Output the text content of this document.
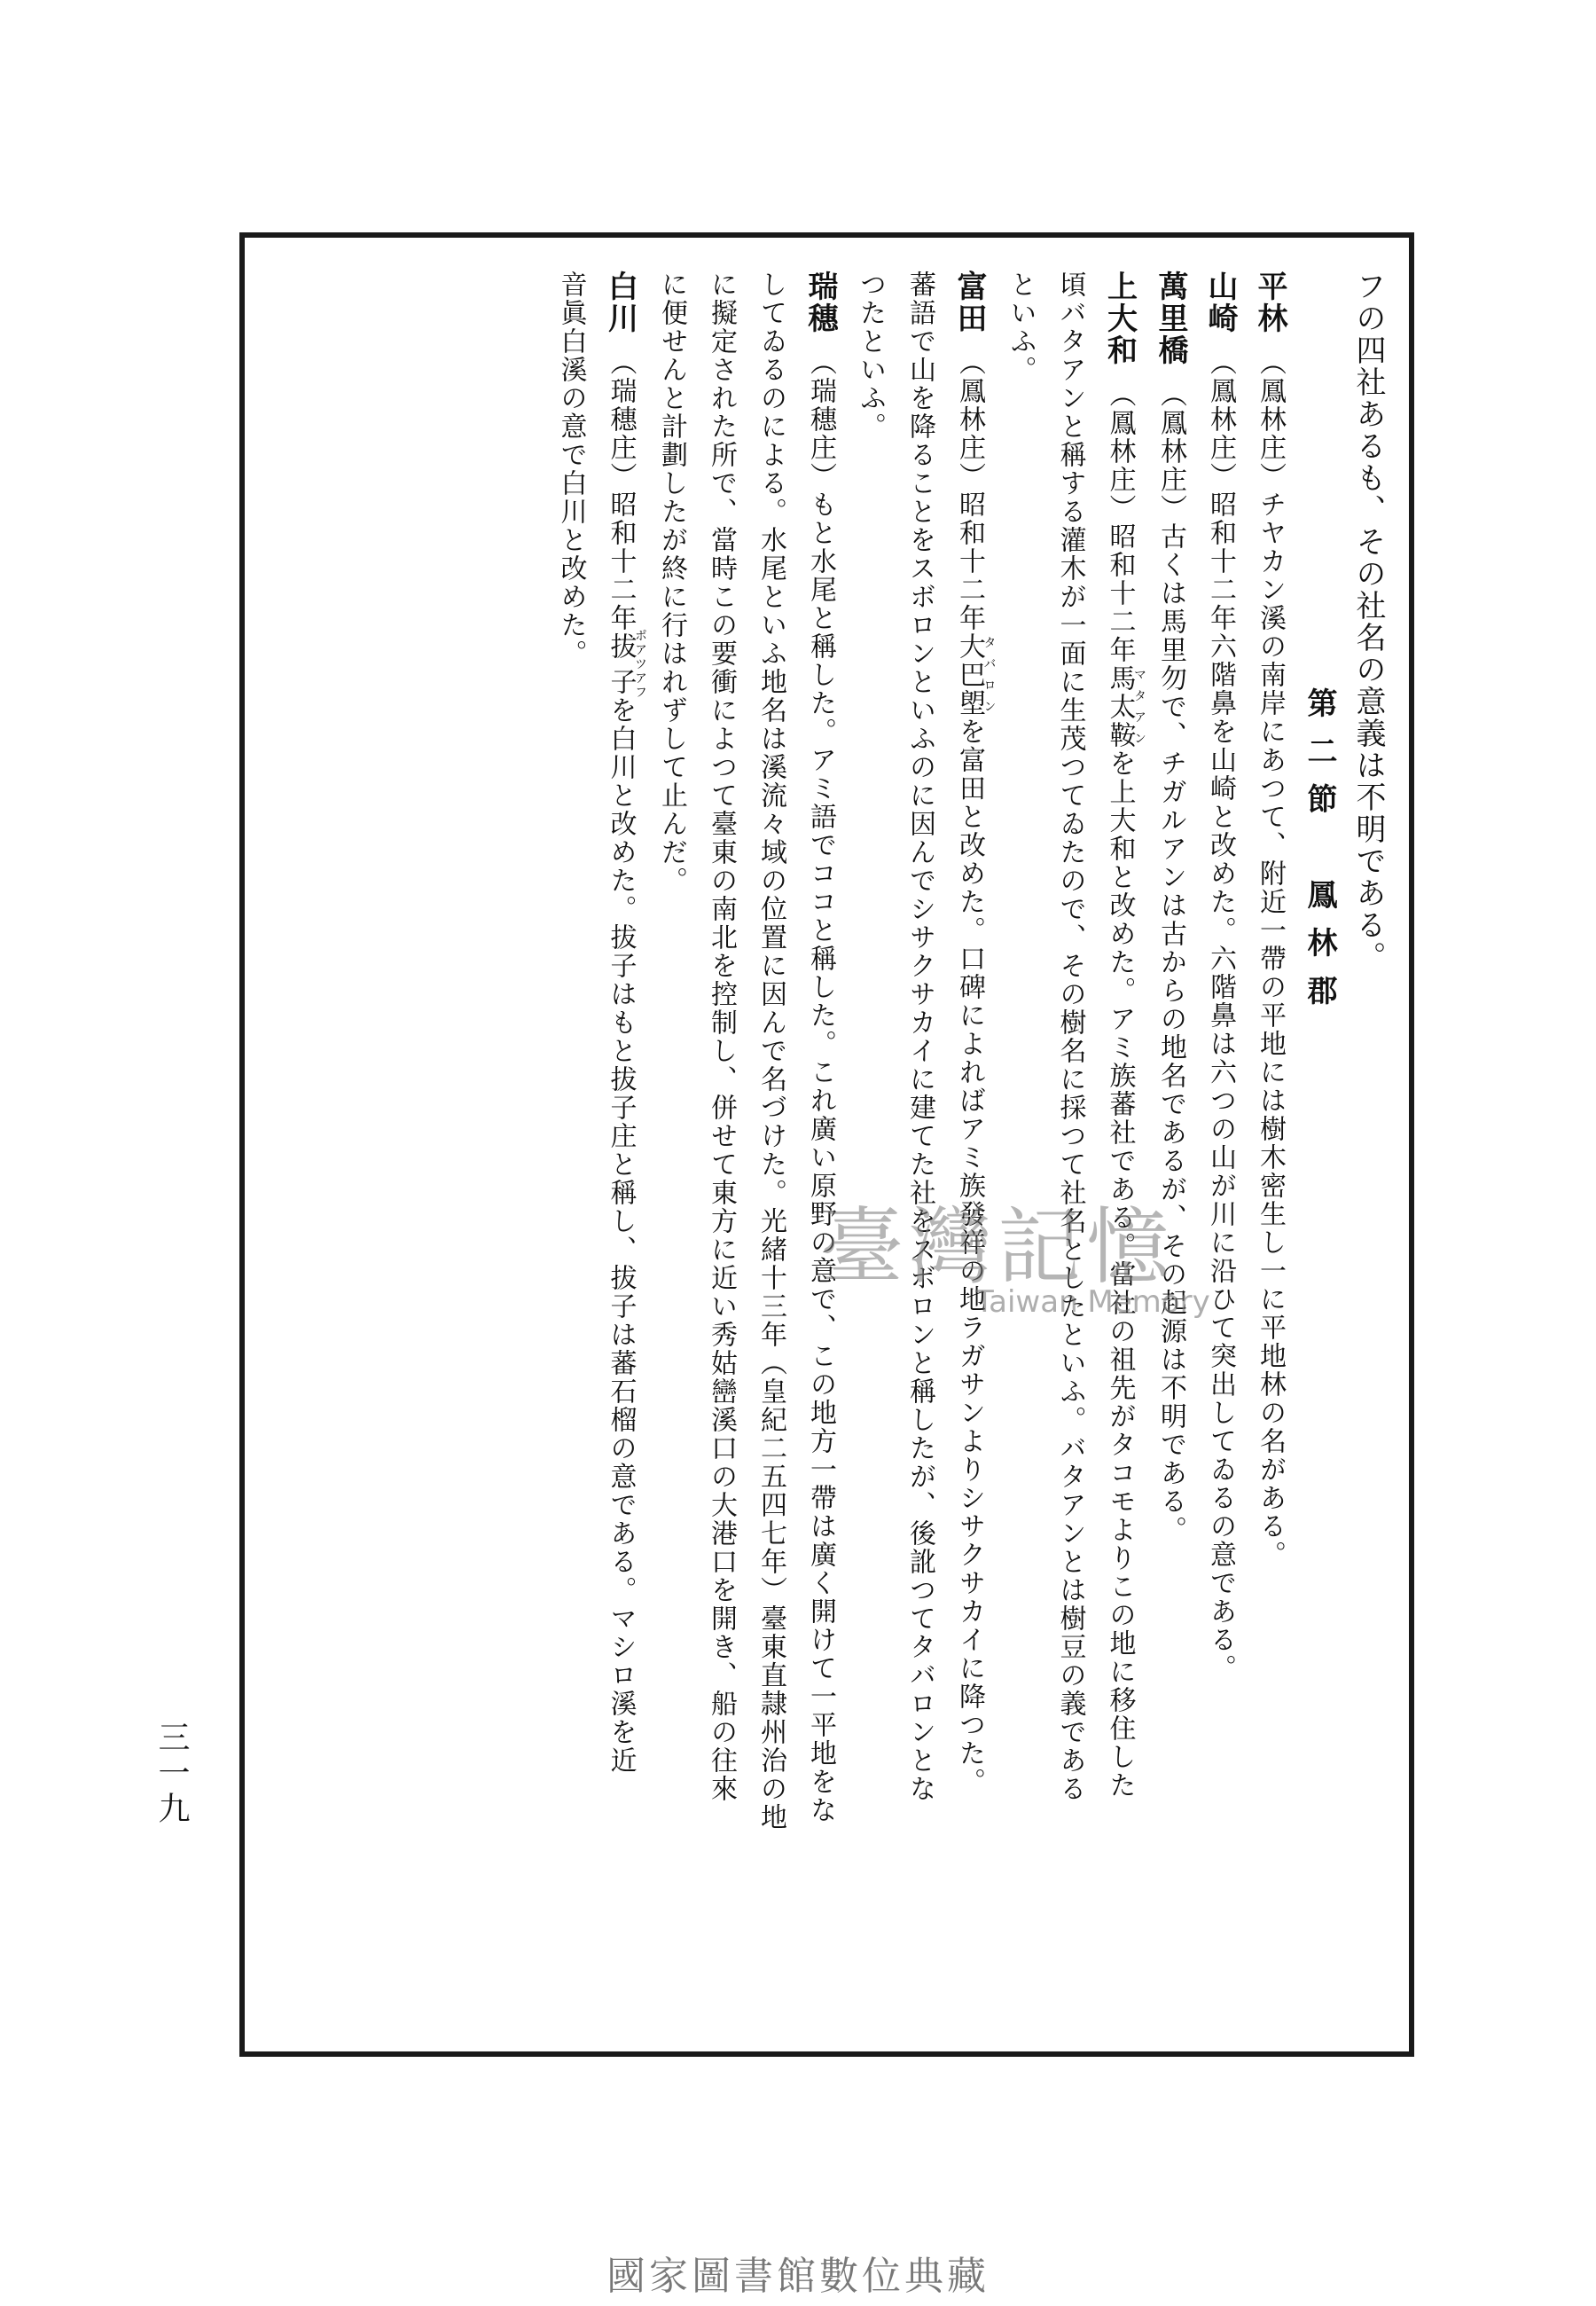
フの四社あるも、その社名の意義は不明である。
第二節　鳳林郡
平林（鳳林庄）チヤカン溪の南岸にあつて、附近一帶の平地には樹木密生し一に平地林の名がある。
山崎（鳳林庄）昭和十二年六階鼻を山崎と改めた。六階鼻は六つの山が川に沿ひて突出してゐるの意である。
萬里橋（鳳林庄）古くは馬里勿で、チガルアンは古からの地名であるが、その起源は不明である。
上大和（鳳林庄）昭和十二年馬太鞍マタアンを上大和と改めた。アミ族蕃社である。當社の祖先がタコモよりこの地に移住した
頃バタアンと稱する灌木が一面に生茂つてゐたので、その樹名に採つて社名としたといふ。バタアンとは樹豆の義である
といふ。
富田（鳳林庄）昭和十二年大巴塱タバロンを富田と改めた。口碑によればアミ族發祥の地ラガサンよりシサクサカイに降つた。
蕃語で山を降ることをスボロンといふのに因んでシサクサカイに建てた社をスボロンと稱したが、後訛つてタバロンとな
つたといふ。
瑞穗（瑞穗庄）もと水尾と稱した。アミ語でココと稱した。これ廣い原野の意で、この地方一帶は廣く開けて一平地をな
してゐるのによる。水尾といふ地名は溪流々域の位置に因んで名づけた。光緒十三年（皇紀二五四七年）臺東直隷州治の地
に擬定された所で、當時この要衝によつて臺東の南北を控制し、併せて東方に近い秀姑巒溪口の大港口を開き、船の往來
に便せんと計劃したが終に行はれずして止んだ。
白川（瑞穗庄）昭和十二年拔子ポアツアフを白川と改めた。拔子はもと拔子庄と稱し、拔子は蕃石榴の意である。マシロ溪を近
音眞白溪の意で白川と改めた。
三一九
臺灣記憶
Taiwan Memory
國家圖書館數位典藏
